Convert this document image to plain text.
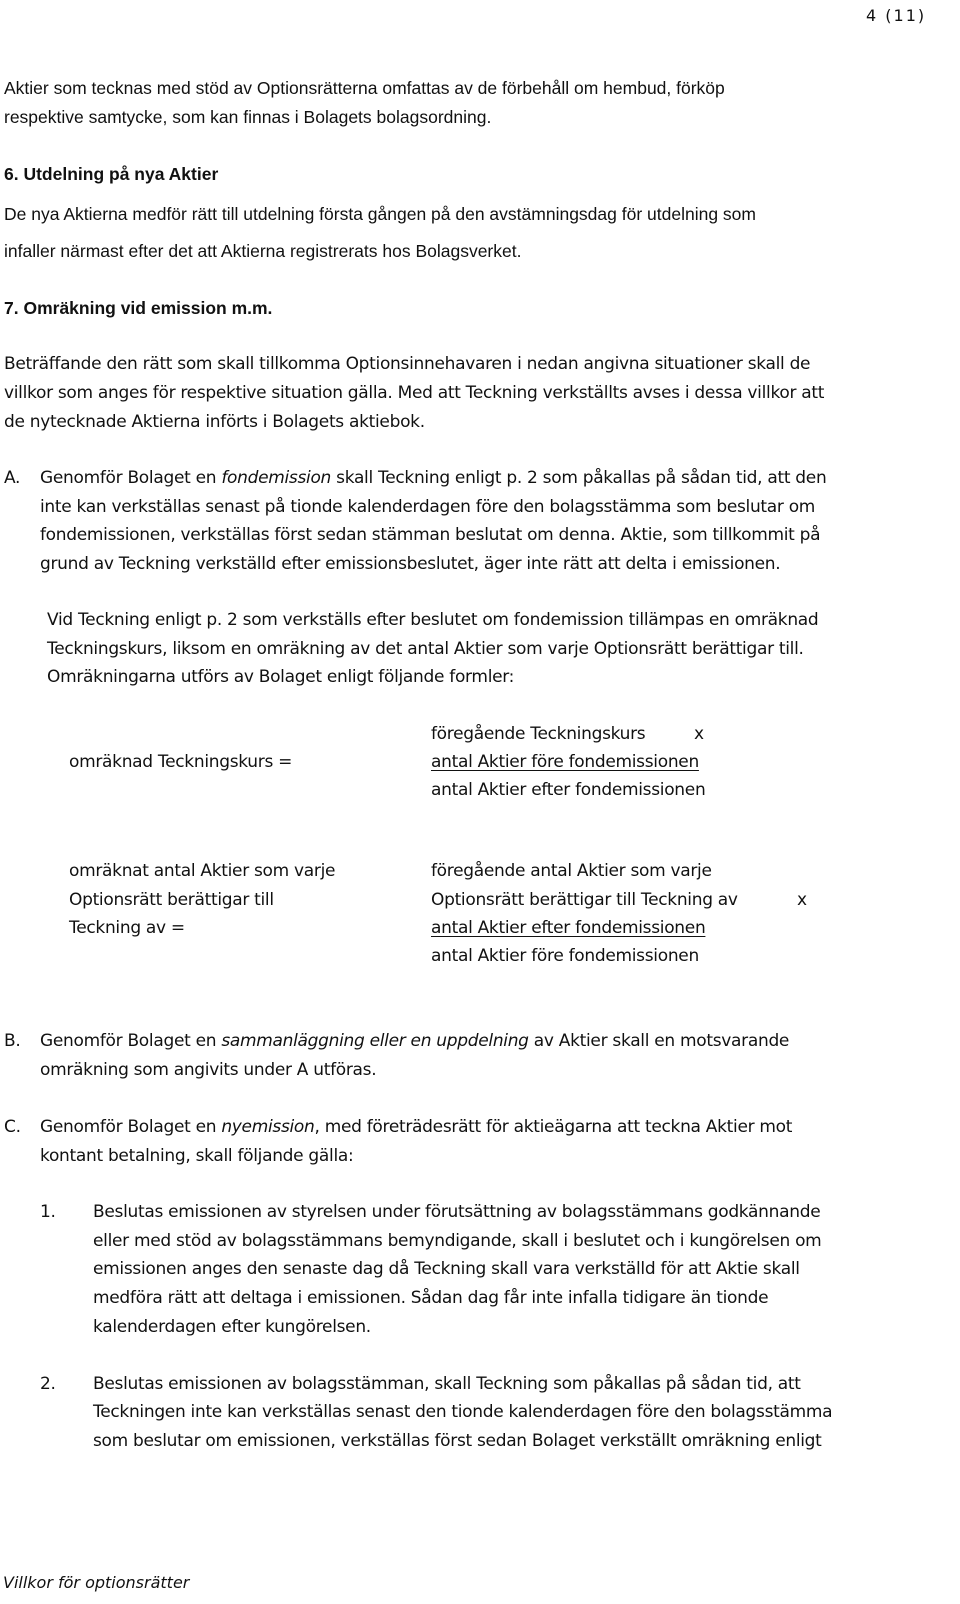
4 (11)
Aktier som tecknas med stöd av Optionsrätterna omfattas av de förbehåll om hembud, förköp
respektive samtycke, som kan finnas i Bolagets bolagsordning.
6. Utdelning på nya Aktier
De nya Aktierna medför rätt till utdelning första gången på den avstämningsdag för utdelning som
infaller närmast efter det att Aktierna registrerats hos Bolagsverket.
7. Omräkning vid emission m.m.
Beträffande den rätt som skall tillkomma Optionsinnehavaren i nedan angivna situationer skall de
villkor som anges för respektive situation gälla. Med att Teckning verkställts avses i dessa villkor att
de nytecknade Aktierna införts i Bolagets aktiebok.
A. Genomför Bolaget en fondemission skall Teckning enligt p. 2 som påkallas på sådan tid, att den
inte kan verkställas senast på tionde kalenderdagen före den bolagsstämma som beslutar om
fondemissionen, verkställas först sedan stämman beslutat om denna. Aktie, som tillkommit på
grund av Teckning verkställd efter emissionsbeslutet, äger inte rätt att delta i emissionen.
Vid Teckning enligt p. 2 som verkställs efter beslutet om fondemission tillämpas en omräknad
Teckningskurs, liksom en omräkning av det antal Aktier som varje Optionsrätt berättigar till.
Omräkningarna utförs av Bolaget enligt följande formler:
omräknad Teckningskurs =
föregående Teckningskurs	x
antal Aktier före fondemissionen
antal Aktier efter fondemissionen
omräknat antal Aktier som varje
Optionsrätt berättigar till
Teckning av =
föregående antal Aktier som varje
Optionsrätt berättigar till Teckning av	x
antal Aktier efter fondemissionen
antal Aktier före fondemissionen
B. Genomför Bolaget en sammanläggning eller en uppdelning av Aktier skall en motsvarande
omräkning som angivits under A utföras.
C. Genomför Bolaget en nyemission, med företrädesrätt för aktieägarna att teckna Aktier mot
kontant betalning, skall följande gälla:
1. Beslutas emissionen av styrelsen under förutsättning av bolagsstämmans godkännande
eller med stöd av bolagsstämmans bemyndigande, skall i beslutet och i kungörelsen om
emissionen anges den senaste dag då Teckning skall vara verkställd för att Aktie skall
medföra rätt att deltaga i emissionen. Sådan dag får inte infalla tidigare än tionde
kalenderdagen efter kungörelsen.
2. Beslutas emissionen av bolagsstämman, skall Teckning som påkallas på sådan tid, att
Teckningen inte kan verkställas senast den tionde kalenderdagen före den bolagsstämma
som beslutar om emissionen, verkställas först sedan Bolaget verkställt omräkning enligt
Villkor för optionsrätter
